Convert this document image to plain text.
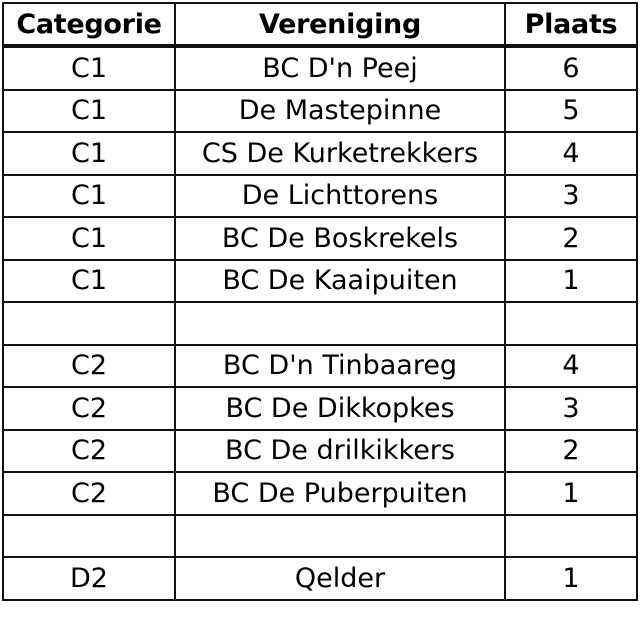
Categorie	Vereniging	Plaats
C1	BC D'n Peej	6
C1	De Mastepinne	5
C1	CS De Kurketrekkers	4
C1	De Lichttorens	3
C1	BC De Boskrekels	2
C1	BC De Kaaipuiten	1

C2	BC D'n Tinbaareg	4
C2	BC De Dikkopkes	3
C2	BC De drilkikkers	2
C2	BC De Puberpuiten	1

D2	Qelder	1
